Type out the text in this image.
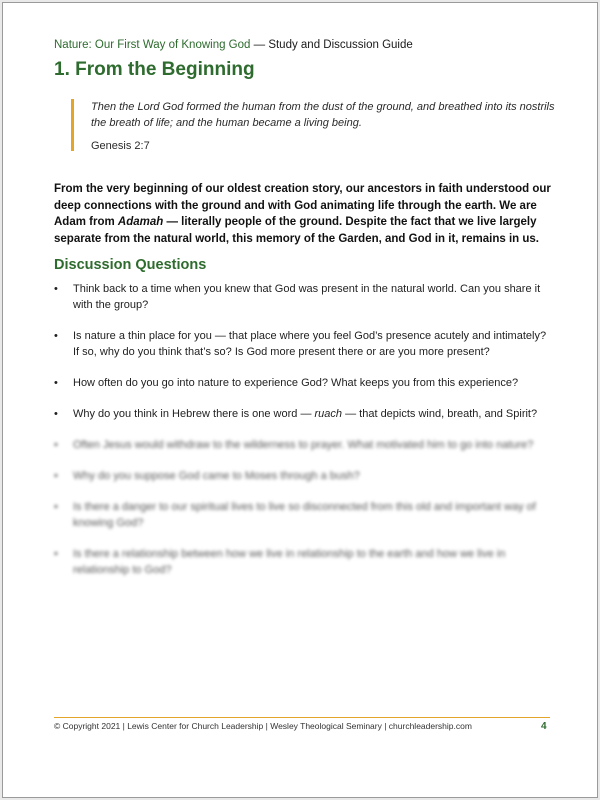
Nature: Our First Way of Knowing God — Study and Discussion Guide
1. From the Beginning

Then the Lord God formed the human from the dust of the ground, and breathed into its nostrils the breath of life; and the human became a living being.

Genesis 2:7

From the very beginning of our oldest creation story, our ancestors in faith understood our deep connections with the ground and with God animating life through the earth. We are Adam from Adamah — literally people of the ground. Despite the fact that we live largely separate from the natural world, this memory of the Garden, and God in it, remains in us.

Discussion Questions
• Think back to a time when you knew that God was present in the natural world. Can you share it with the group?
• Is nature a thin place for you — that place where you feel God’s presence acutely and intimately? If so, why do you think that’s so? Is God more present there or are you more present?
• How often do you go into nature to experience God? What keeps you from this experience?
• Why do you think in Hebrew there is one word — ruach — that depicts wind, breath, and Spirit?
• Often Jesus would withdraw to the wilderness to prayer. What motivated him to go into nature?
• Why do you suppose God came to Moses through a bush?
• Is there a danger to our spiritual lives to live so disconnected from this old and important way of knowing God?
• Is there a relationship between how we live in relationship to the earth and how we live in relationship to God?
© Copyright 2021 | Lewis Center for Church Leadership | Wesley Theological Seminary | churchleadership.com	4
